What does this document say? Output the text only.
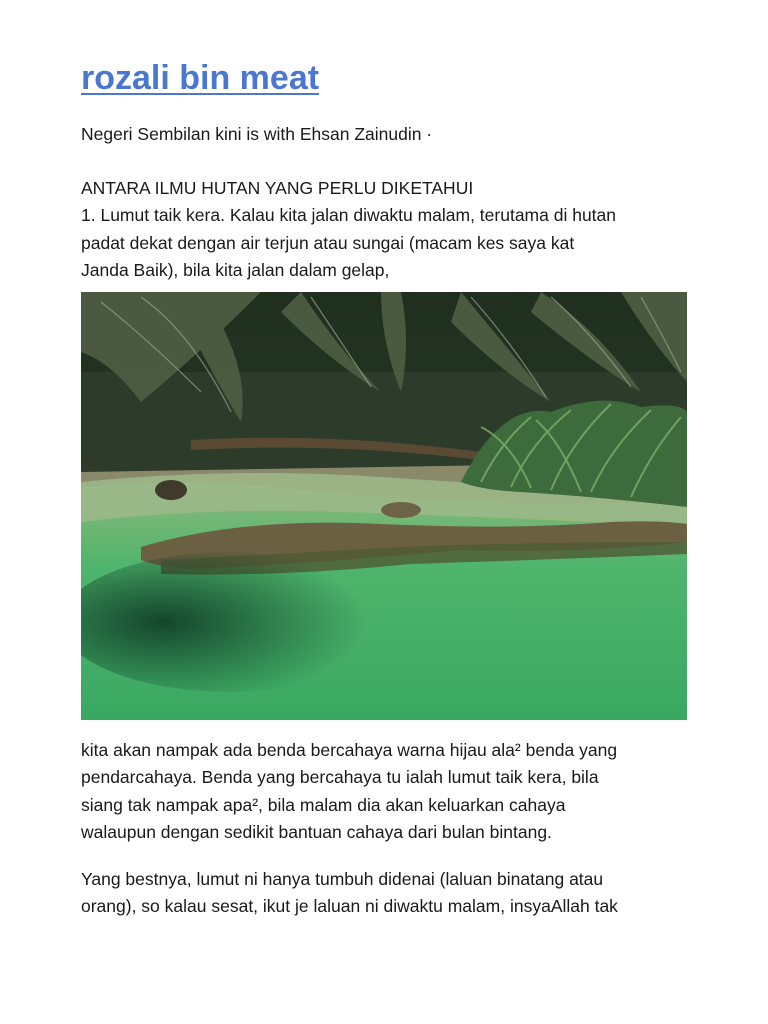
rozali bin meat
Negeri Sembilan kini is with Ehsan Zainudin ·

ANTARA ILMU HUTAN YANG PERLU DIKETAHUI
1. Lumut taik kera. Kalau kita jalan diwaktu malam, terutama di hutan
padat dekat dengan air terjun atau sungai (macam kes saya kat
Janda Baik), bila kita jalan dalam gelap,

kita akan nampak ada benda bercahaya warna hijau ala² benda yang
pendarcahaya. Benda yang bercahaya tu ialah lumut taik kera, bila
siang tak nampak apa², bila malam dia akan keluarkan cahaya
walaupun dengan sedikit bantuan cahaya dari bulan bintang.

Yang bestnya, lumut ni hanya tumbuh didenai (laluan binatang atau
orang), so kalau sesat, ikut je laluan ni diwaktu malam, insyaAllah tak
